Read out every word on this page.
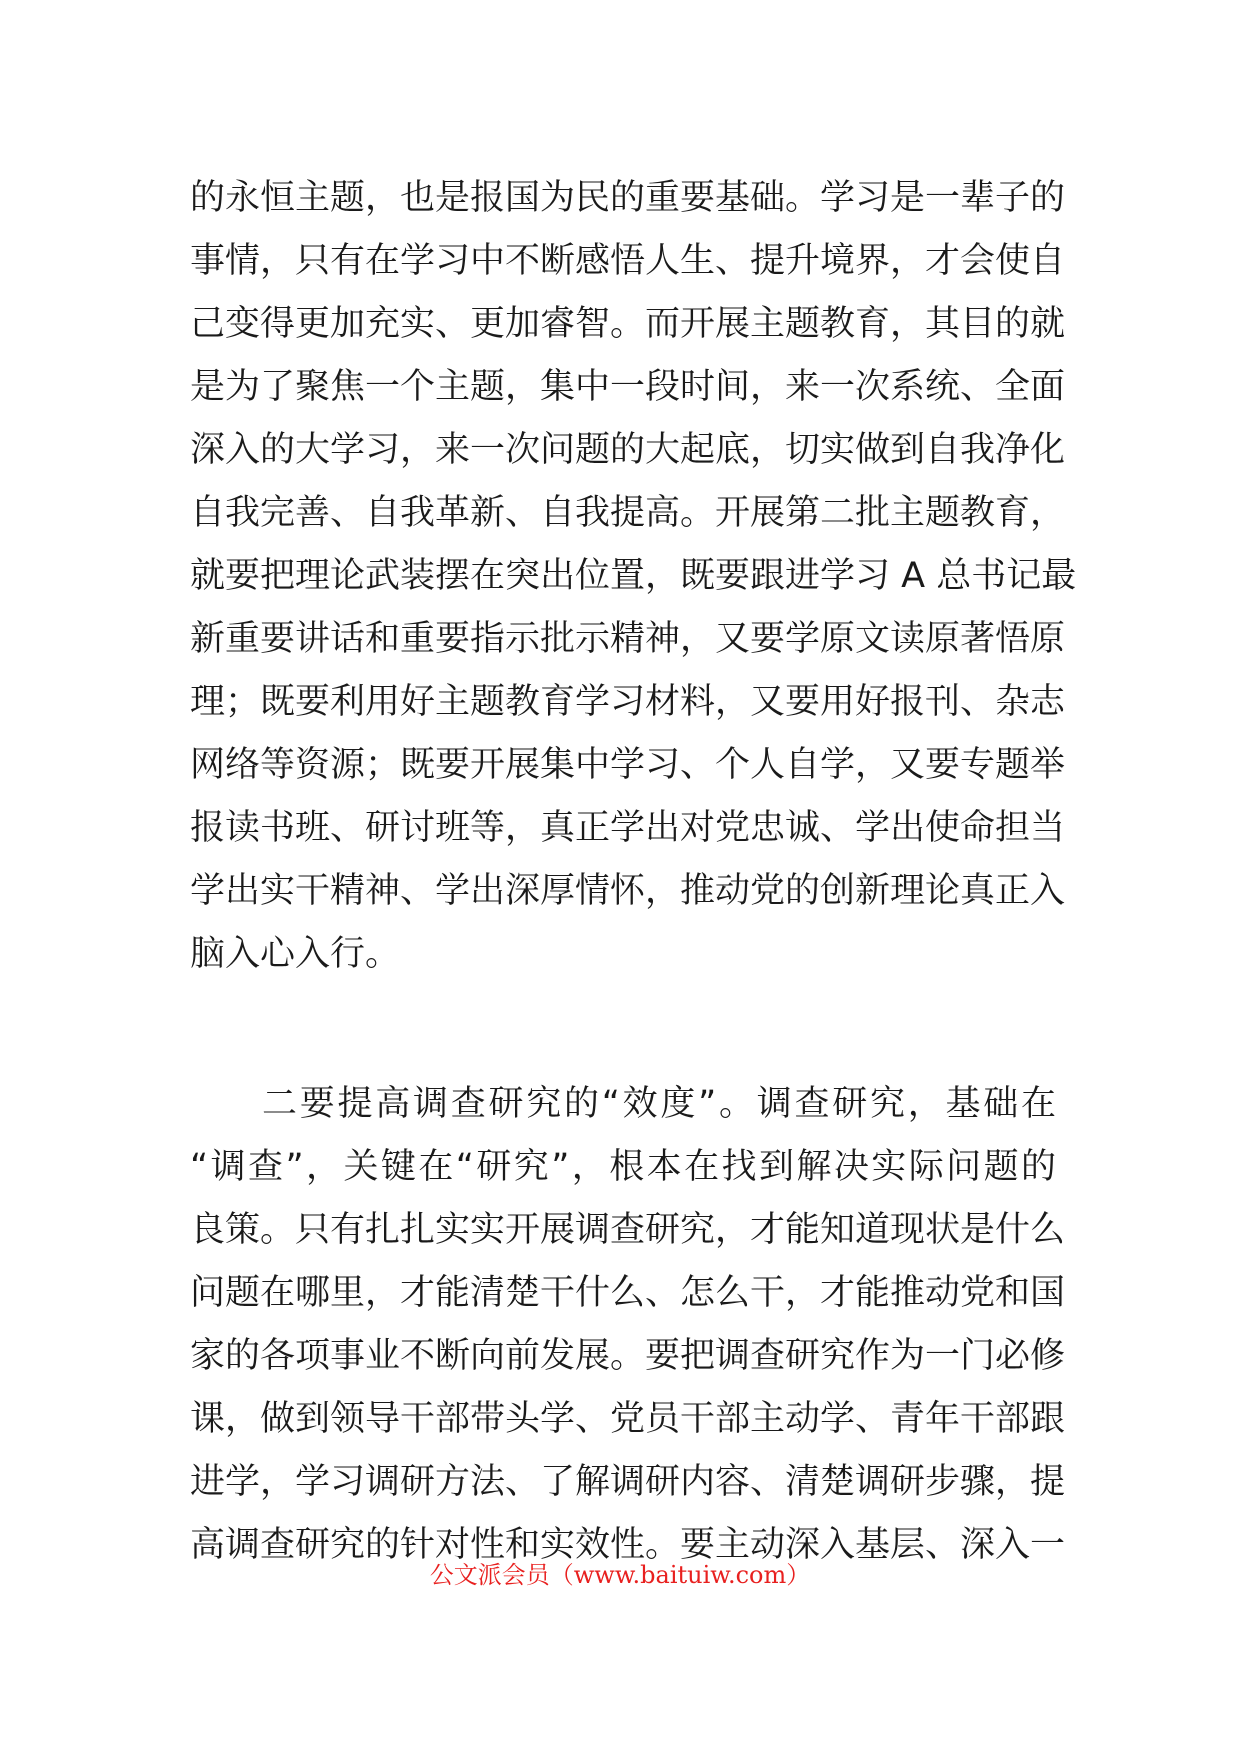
的永恒主题，也是报国为民的重要基础。学习是一辈子的
事情，只有在学习中不断感悟人生、提升境界，才会使自
己变得更加充实、更加睿智。而开展主题教育，其目的就
是为了聚焦一个主题，集中一段时间，来一次系统、全面
深入的大学习，来一次问题的大起底，切实做到自我净化
自我完善、自我革新、自我提高。开展第二批主题教育，
就要把理论武装摆在突出位置，既要跟进学习 A 总书记最
新重要讲话和重要指示批示精神，又要学原文读原著悟原
理；既要利用好主题教育学习材料，又要用好报刊、杂志
网络等资源；既要开展集中学习、个人自学，又要专题举
报读书班、研讨班等，真正学出对党忠诚、学出使命担当
学出实干精神、学出深厚情怀，推动党的创新理论真正入
脑入心入行。
二要提高调查研究的“效度”。调查研究，基础在
“调查”，关键在“研究”，根本在找到解决实际问题的
良策。只有扎扎实实开展调查研究，才能知道现状是什么
问题在哪里，才能清楚干什么、怎么干，才能推动党和国
家的各项事业不断向前发展。要把调查研究作为一门必修
课，做到领导干部带头学、党员干部主动学、青年干部跟
进学，学习调研方法、了解调研内容、清楚调研步骤，提
高调查研究的针对性和实效性。要主动深入基层、深入一
公文派会员（www.baituiw.com）
